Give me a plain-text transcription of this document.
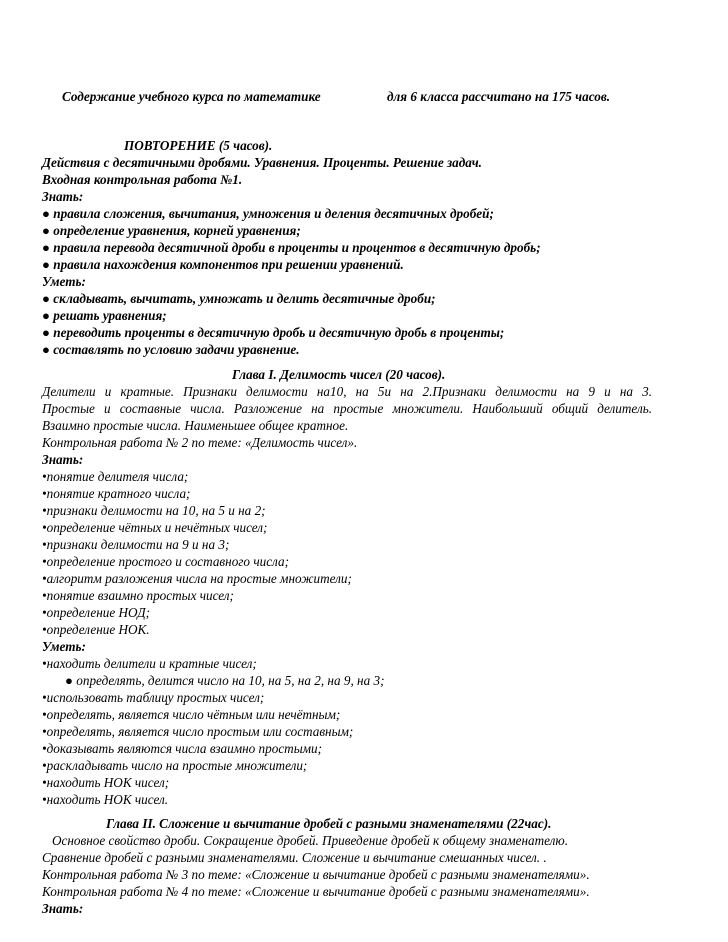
Содержание учебного курса по математике	для 6 класса рассчитано на 175 часов.
ПОВТОРЕНИЕ (5 часов).
Действия с десятичными дробями. Уравнения. Проценты. Решение задач.
Входная контрольная работа №1.
Знать:
● правила сложения, вычитания, умножения и деления десятичных дробей;
● определение уравнения, корней уравнения;
● правила перевода десятичной дроби в проценты и процентов в десятичную дробь;
● правила нахождения компонентов при решении уравнений.
Уметь:
● складывать, вычитать, умножать и делить десятичные дроби;
● решать уравнения;
● переводить проценты в десятичную дробь и десятичную дробь в проценты;
● составлять по условию задачи уравнение.
Глава I. Делимость чисел (20 часов).
Делители и кратные. Признаки делимости на10, на 5и на 2.Признаки делимости на 9 и на 3.
Простые и составные числа. Разложение на простые множители. Наибольший общий делитель.
Взаимно простые числа. Наименьшее общее кратное.
Контрольная работа № 2 по теме: «Делимость чисел».
Знать:
•понятие делителя числа;
•понятие кратного числа;
•признаки делимости на 10, на 5 и на 2;
•определение чётных и нечётных чисел;
•признаки делимости на 9 и на 3;
•определение простого и составного числа;
•алгоритм разложения числа на простые множители;
•понятие взаимно простых чисел;
•определение НОД;
•определение НОК.
Уметь:
•находить делители и кратные чисел;
● определять, делится число на 10, на 5, на 2, на 9, на 3;
•использовать таблицу простых чисел;
•определять, является число чётным или нечётным;
•определять, является число простым или составным;
•доказывать являются числа взаимно простыми;
•раскладывать число на простые множители;
•находить НОК чисел;
•находить НОК чисел.
Глава II. Сложение и вычитание дробей с разными знаменателями (22час).
Основное свойство дроби. Сокращение дробей. Приведение дробей к общему знаменателю.
Сравнение дробей с разными знаменателями. Сложение и вычитание смешанных чисел. .
Контрольная работа № 3 по теме: «Сложение и вычитание дробей с разными знаменателями».
Контрольная работа № 4 по теме: «Сложение и вычитание дробей с разными знаменателями».
Знать:
